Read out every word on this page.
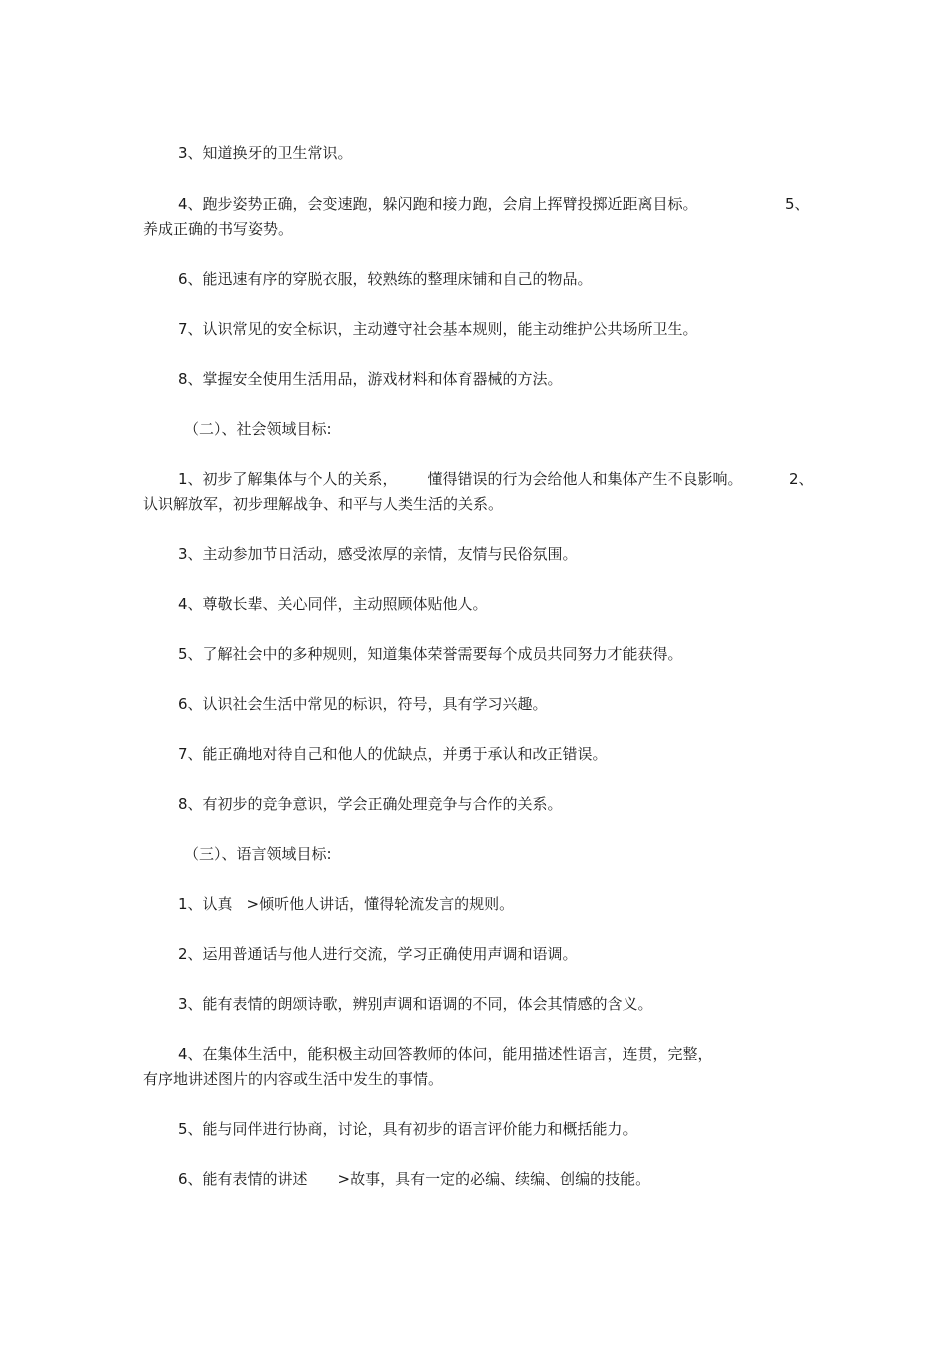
3、知道换牙的卫生常识。

4、跑步姿势正确，会变速跑，躲闪跑和接力跑，会肩上挥臂投掷近距离目标。	5、

养成正确的书写姿势。

6、能迅速有序的穿脱衣服，较熟练的整理床铺和自己的物品。

7、认识常见的安全标识，主动遵守社会基本规则，能主动维护公共场所卫生。

8、掌握安全使用生活用品，游戏材料和体育器械的方法。

（二）、社会领域目标:

1、初步了解集体与个人的关系， 懂得错误的行为会给他人和集体产生不良影响。	2、

认识解放军，初步理解战争、和平与人类生活的关系。

3、主动参加节日活动，感受浓厚的亲情，友情与民俗氛围。

4、尊敬长辈、关心同伴，主动照顾体贴他人。

5、了解社会中的多种规则，知道集体荣誉需要每个成员共同努力才能获得。

6、认识社会生活中常见的标识，符号，具有学习兴趣。

7、能正确地对待自己和他人的优缺点，并勇于承认和改正错误。

8、有初步的竞争意识，学会正确处理竞争与合作的关系。

（三）、语言领域目标:

1、认真 >倾听他人讲话，懂得轮流发言的规则。

2、运用普通话与他人进行交流，学习正确使用声调和语调。

3、能有表情的朗颂诗歌，辨别声调和语调的不同，体会其情感的含义。

4、在集体生活中，能积极主动回答教师的体问，能用描述性语言，连贯，完整，

有序地讲述图片的内容或生活中发生的事情。

5、能与同伴进行协商，讨论，具有初步的语言评价能力和概括能力。

6、能有表情的讲述 >故事，具有一定的必编、续编、创编的技能。
